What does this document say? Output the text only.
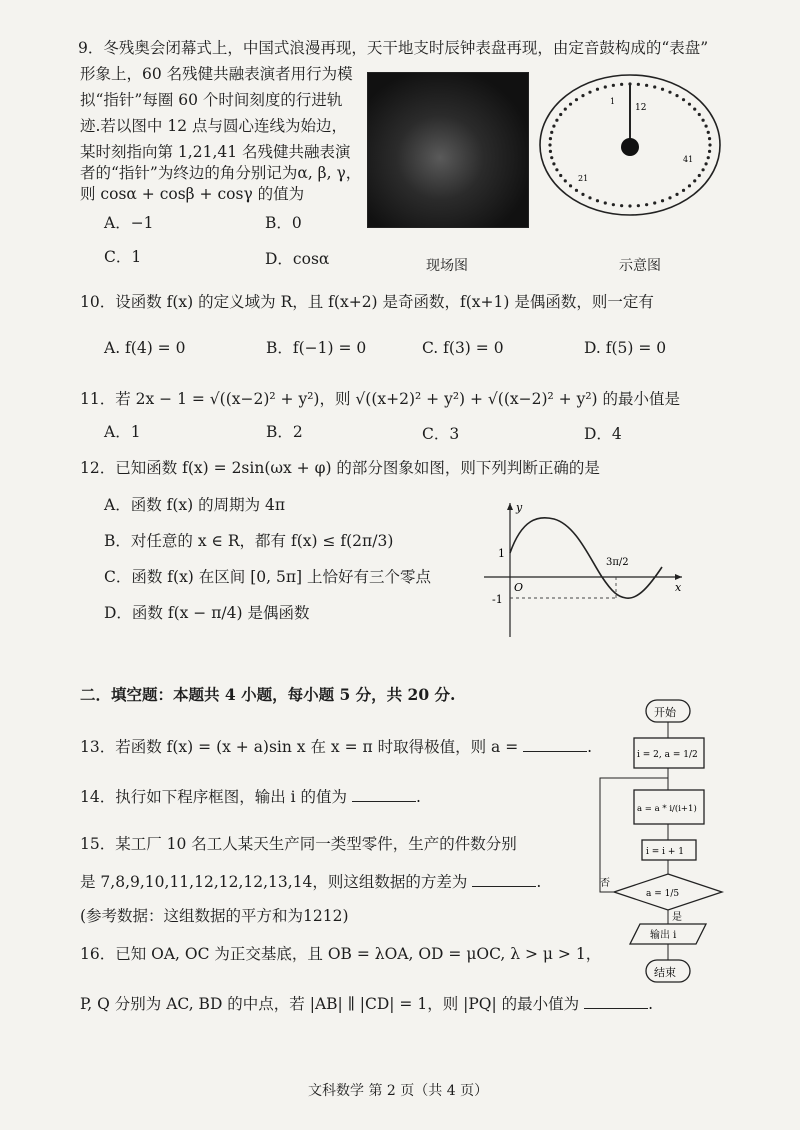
9．冬残奥会闭幕式上，中国式浪漫再现，天干地支时辰钟表盘再现，由定音鼓构成的“表盘”
形象上，60 名残健共融表演者用行为模
拟“指针”每圈 60 个时间刻度的行进轨
迹.若以图中 12 点与圆心连线为始边，
某时刻指向第 1,21,41 名残健共融表演
者的“指针”为终边的角分别记为α, β, γ，
则 cosα + cosβ + cosγ 的值为
A．−1	B．0
C．1	D．cosα	现场图
12
1
41
21
示意图
10．设函数 f(x) 的定义域为 R，且 f(x+2) 是奇函数，f(x+1) 是偶函数，则一定有
A. f(4) = 0	B．f(−1) = 0	C. f(3) = 0	D. f(5) = 0
11．若 2x − 1 = √((x−2)² + y²)，则 √((x+2)² + y²) + √((x−2)² + y²) 的最小值是
A．1	B．2	C．3	D．4
12．已知函数 f(x) = 2sin(ωx + φ) 的部分图象如图，则下列判断正确的是
A．函数 f(x) 的周期为 4π
B．对任意的 x ∈ R，都有 f(x) ≤ f(2π/3)
C．函数 f(x) 在区间 [0, 5π] 上恰好有三个零点
D．函数 f(x − π/4) 是偶函数
y
x
O
1
-1
3π/2
二．填空题：本题共 4 小题，每小题 5 分，共 20 分.
13．若函数 f(x) = (x + a)sin x 在 x = π 时取得极值，则 a =	.
14．执行如下程序框图，输出 i 的值为	.
15．某工厂 10 名工人某天生产同一类型零件，生产的件数分别
是 7,8,9,10,11,12,12,12,13,14，则这组数据的方差为	.
(参考数据：这组数据的平方和为1212)
16．已知 OA, OC 为正交基底，且 OB = λOA, OD = μOC, λ > μ > 1，
P, Q 分别为 AC, BD 的中点，若 |AB| ∥ |CD| = 1，则 |PQ| 的最小值为	.
开始
i = 2, a = 1/2
a = a * i/(i+1)
i = i + 1
a = 1/5
否
是
输出 i
结束
文科数学 第 2 页（共 4 页）
